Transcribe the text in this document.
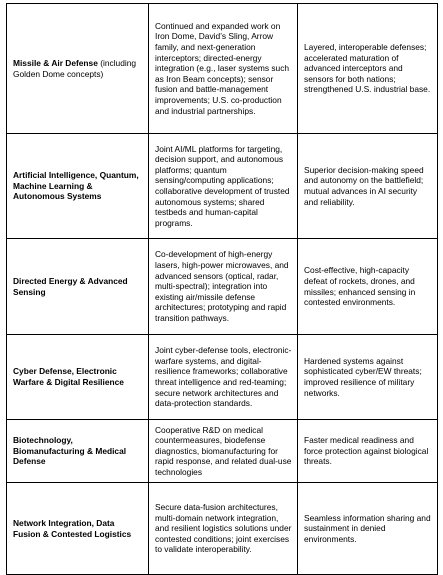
Missile & Air Defense (including Golden Dome concepts)	Continued and expanded work on Iron Dome, David’s Sling, Arrow family, and next-generation interceptors; directed-energy integration (e.g., laser systems such as Iron Beam concepts); sensor fusion and battle-management improvements; U.S. co-production and industrial partnerships.	Layered, interoperable defenses; accelerated maturation of advanced interceptors and sensors for both nations; strengthened U.S. industrial base.
Artificial Intelligence, Quantum, Machine Learning & Autonomous Systems	Joint AI/ML platforms for targeting, decision support, and autonomous platforms; quantum sensing/computing applications; collaborative development of trusted autonomous systems; shared testbeds and human-capital programs.	Superior decision-making speed and autonomy on the battlefield; mutual advances in AI security and reliability.
Directed Energy & Advanced Sensing	Co-development of high-energy lasers, high-power microwaves, and advanced sensors (optical, radar, multi-spectral); integration into existing air/missile defense architectures; prototyping and rapid transition pathways.	Cost-effective, high-capacity defeat of rockets, drones, and missiles; enhanced sensing in contested environments.
Cyber Defense, Electronic Warfare & Digital Resilience	Joint cyber-defense tools, electronic-warfare systems, and digital-resilience frameworks; collaborative threat intelligence and red-teaming; secure network architectures and data-protection standards.	Hardened systems against sophisticated cyber/EW threats; improved resilience of military networks.
Biotechnology, Biomanufacturing & Medical Defense	Cooperative R&D on medical countermeasures, biodefense diagnostics, biomanufacturing for rapid response, and related dual-use technologies	Faster medical readiness and force protection against biological threats.
Network Integration, Data Fusion & Contested Logistics	Secure data-fusion architectures, multi-domain network integration, and resilient logistics solutions under contested conditions; joint exercises to validate interoperability.	Seamless information sharing and sustainment in denied environments.
